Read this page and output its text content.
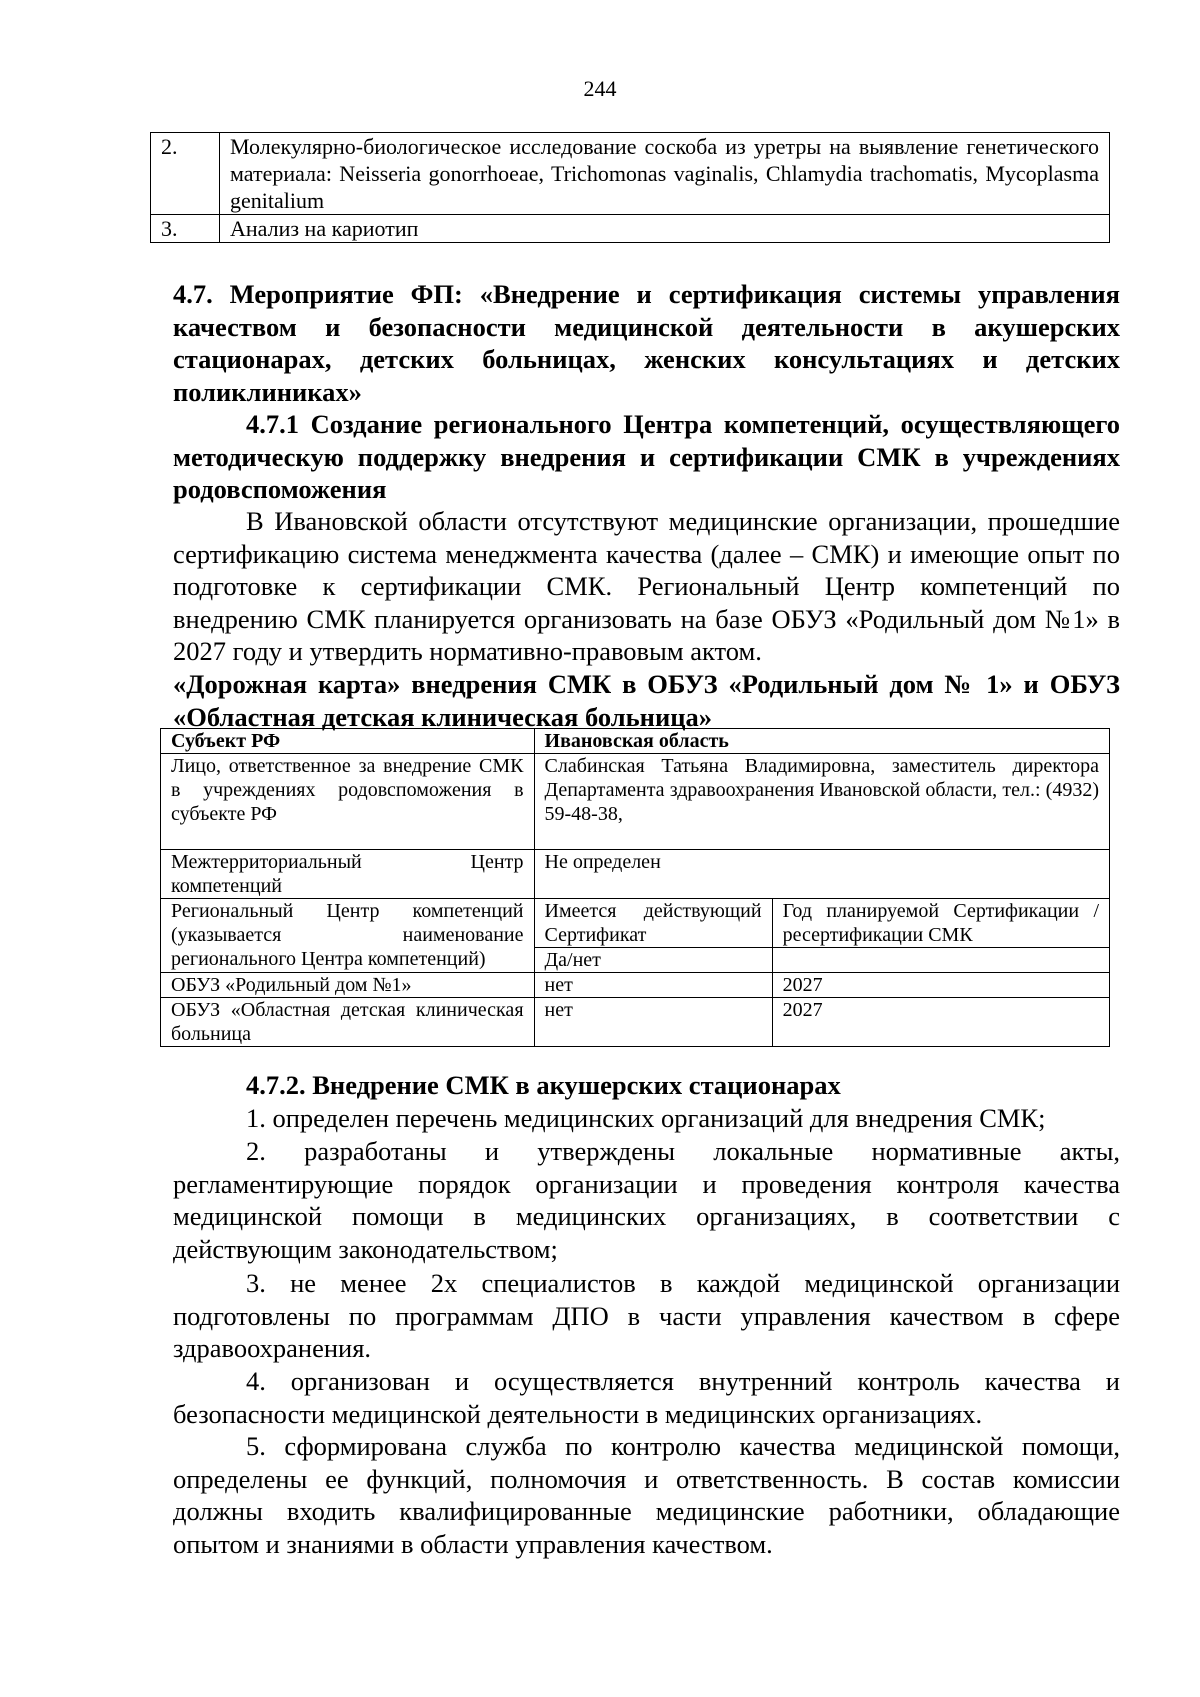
244
2.	Молекулярно-биологическое исследование соскоба из уретры на выявление генетического материала: Neisseria gonorrhoeae, Trichomonas vaginalis, Chlamydia trachomatis, Mycoplasma genitalium
3.	Анализ на кариотип
4.7. Мероприятие ФП: «Внедрение и сертификация системы управления качеством и безопасности медицинской деятельности в акушерских стационарах, детских больницах, женских консультациях и детских поликлиниках»
4.7.1 Создание регионального Центра компетенций, осуществляющего методическую поддержку внедрения и сертификации СМК в учреждениях родовспоможения
В Ивановской области отсутствуют медицинские организации, прошедшие сертификацию система менеджмента качества (далее – СМК) и имеющие опыт по подготовке к сертификации СМК. Региональный Центр компетенций по внедрению СМК планируется организовать на базе ОБУЗ «Родильный дом №1» в 2027 году и утвердить нормативно-правовым актом.
«Дорожная карта» внедрения СМК в ОБУЗ «Родильный дом № 1» и ОБУЗ «Областная детская клиническая больница»
Субъект РФ	Ивановская область	
Лицо, ответственное за внедрение СМК в учреждениях родовспоможения в субъекте РФ	Слабинская Татьяна Владимировна, заместитель директора Департамента здравоохранения Ивановской области, тел.: (4932) 59-48-38,	
Межтерриториальный Центр компетенций	Не определен	
Региональный Центр компетенций (указывается наименование регионального Центра компетенций)	Имеется действующий Сертификат	Год планируемой Сертификации / ресертификации СМК
	Да/нет	
ОБУЗ «Родильный дом №1»	нет	2027
ОБУЗ «Областная детская клиническая больница	нет	2027
4.7.2. Внедрение СМК в акушерских стационарах
1. определен перечень медицинских организаций для внедрения СМК;
2. разработаны и утверждены локальные нормативные акты, регламентирующие порядок организации и проведения контроля качества медицинской помощи в медицинских организациях, в соответствии с действующим законодательством;
3. не менее 2х специалистов в каждой медицинской организации подготовлены по программам ДПО в части управления качеством в сфере здравоохранения.
4. организован и осуществляется внутренний контроль качества и безопасности медицинской деятельности в медицинских организациях.
5. сформирована служба по контролю качества медицинской помощи, определены ее функций, полномочия и ответственность. В состав комиссии должны входить квалифицированные медицинские работники, обладающие опытом и знаниями в области управления качеством.
